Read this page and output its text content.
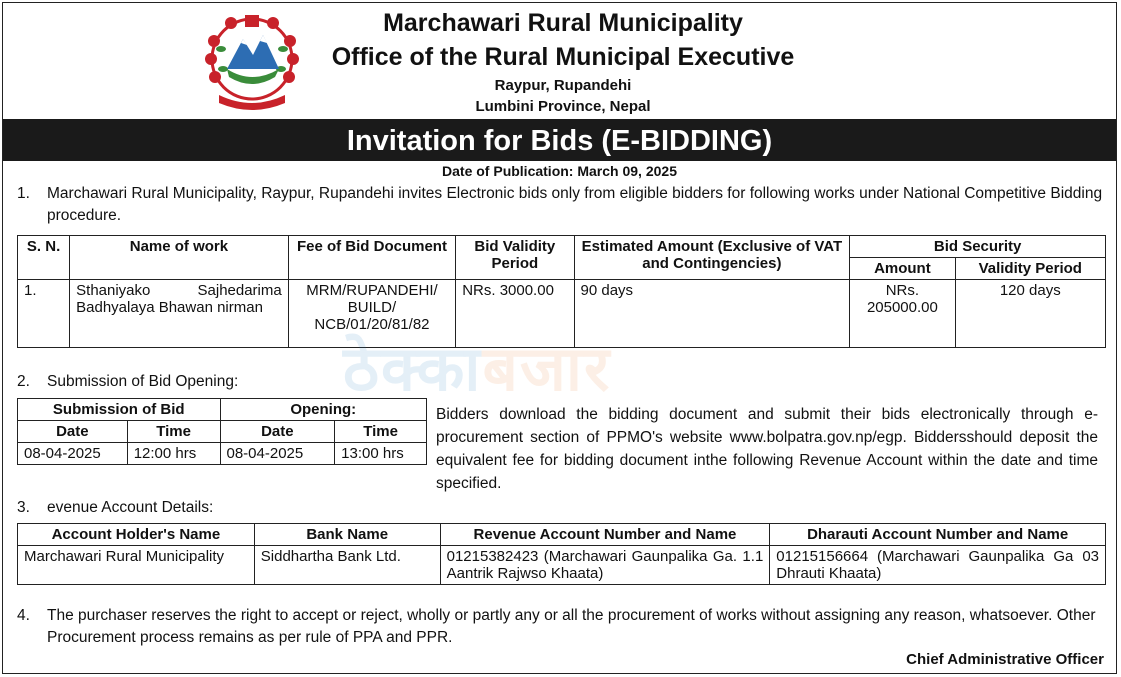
Marchawari Rural Municipality
Office of the Rural Municipal Executive
Raypur, Rupandehi
Lumbini Province, Nepal
Invitation for Bids (E-BIDDING)
Date of Publication: March 09, 2025
1. Marchawari Rural Municipality, Raypur, Rupandehi invites Electronic bids only from eligible bidders for following works under National Competitive Bidding procedure.
S. N.	Name of work	Fee of Bid Document	Bid Validity Period	Estimated Amount (Exclusive of VAT and Contingencies)	Bid Security	
					Amount	Validity Period
1.	Sthaniyako Sajhedarima Badhyalaya Bhawan nirman	MRM/RUPANDEHI/ BUILD/ NCB/01/20/81/82	NRs. 3000.00	90 days	NRs. 205000.00	120 days
ठेक्काबजार
2. Submission of Bid Opening:
Submission of Bid		Opening:	
Date	Time	Date	Time
08-04-2025	12:00 hrs	08-04-2025	13:00 hrs
Bidders download the bidding document and submit their bids electronically through e-procurement section of PPMO's website www.bolpatra.gov.np/egp. Biddersshould deposit the equivalent fee for bidding document inthe following Revenue Account within the date and time specified.
3. evenue Account Details:
Account Holder's Name	Bank Name	Revenue Account Number and Name	Dharauti Account Number and Name
Marchawari Rural Municipality	Siddhartha Bank Ltd.	01215382423 (Marchawari Gaunpalika Ga. 1.1 Aantrik Rajwso Khaata)	01215156664 (Marchawari Gaunpalika Ga 03 Dhrauti Khaata)
4. The purchaser reserves the right to accept or reject, wholly or partly any or all the procurement of works without assigning any reason, whatsoever. Other Procurement process remains as per rule of PPA and PPR.
Chief Administrative Officer
